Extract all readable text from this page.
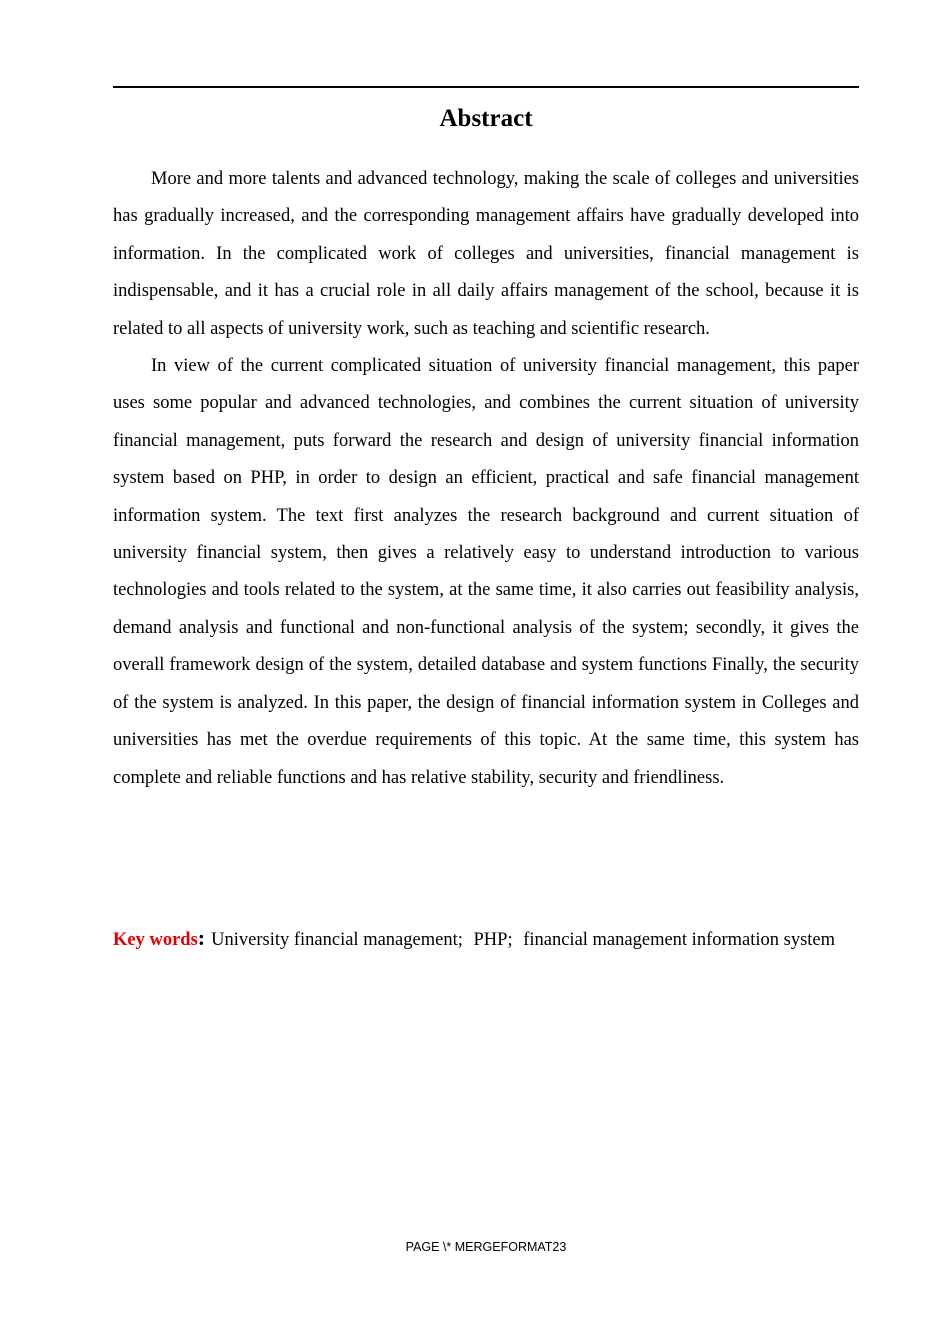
Abstract

More and more talents and advanced technology, making the scale of colleges and universities has gradually increased, and the corresponding management affairs have gradually developed into information. In the complicated work of colleges and universities, financial management is indispensable, and it has a crucial role in all daily affairs management of the school, because it is related to all aspects of university work, such as teaching and scientific research.

In view of the current complicated situation of university financial management, this paper uses some popular and advanced technologies, and combines the current situation of university financial management, puts forward the research and design of university financial information system based on PHP, in order to design an efficient, practical and safe financial management information system. The text first analyzes the research background and current situation of university financial system, then gives a relatively easy to understand introduction to various technologies and tools related to the system, at the same time, it also carries out feasibility analysis, demand analysis and functional and non-functional analysis of the system; secondly, it gives the overall framework design of the system, detailed database and system functions Finally, the security of the system is analyzed. In this paper, the design of financial information system in Colleges and universities has met the overdue requirements of this topic. At the same time, this system has complete and reliable functions and has relative stability, security and friendliness.

Key words: University financial management; PHP; financial management information system
PAGE \* MERGEFORMAT23
